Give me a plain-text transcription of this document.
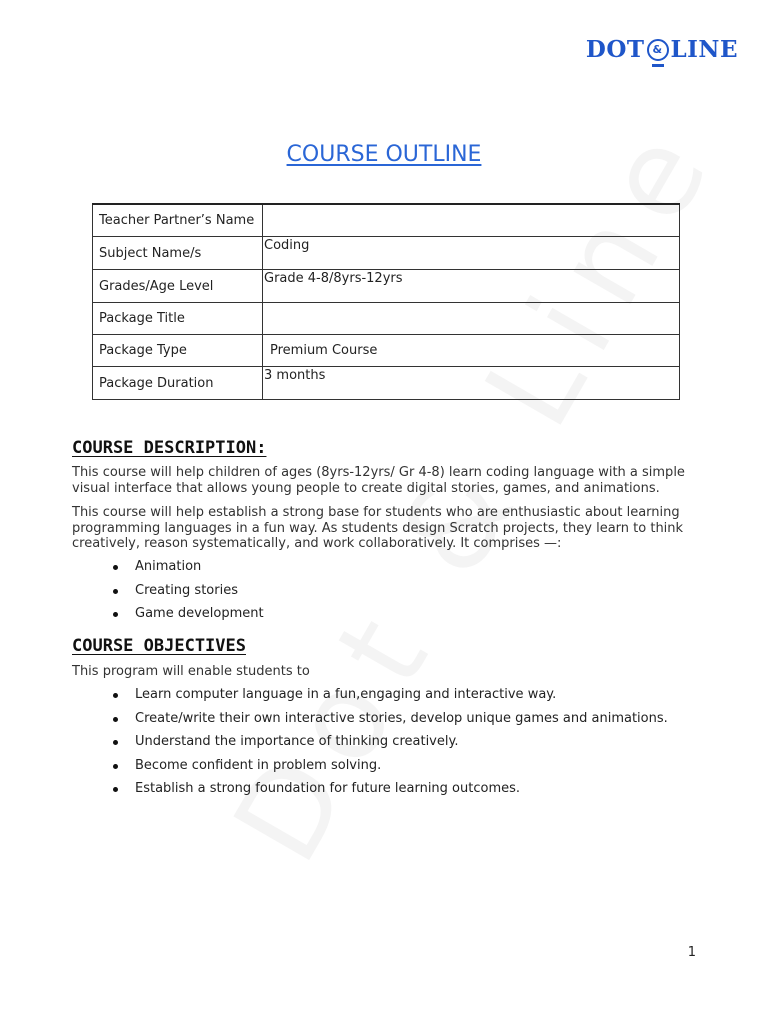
DOT & LINE
COURSE OUTLINE
Teacher Partner’s Name	
Subject Name/s	Coding
Grades/Age Level	Grade 4-8/8yrs-12yrs
Package Title	
Package Type	Premium Course
Package Duration	3 months
COURSE DESCRIPTION:
This course will help children of ages (8yrs-12yrs/ Gr 4-8) learn coding language with a simple visual interface that allows young people to create digital stories, games, and animations.
This course will help establish a strong base for students who are enthusiastic about learning programming languages in a fun way. As students design Scratch projects, they learn to think creatively, reason systematically, and work collaboratively. It comprises —:
Animation
Creating stories
Game development
COURSE OBJECTIVES
This program will enable students to
Learn computer language in a fun,engaging and interactive way.
Create/write their own interactive stories, develop unique games and animations.
Understand the importance of thinking creatively.
Become confident in problem solving.
Establish a strong foundation for future learning outcomes.
1
